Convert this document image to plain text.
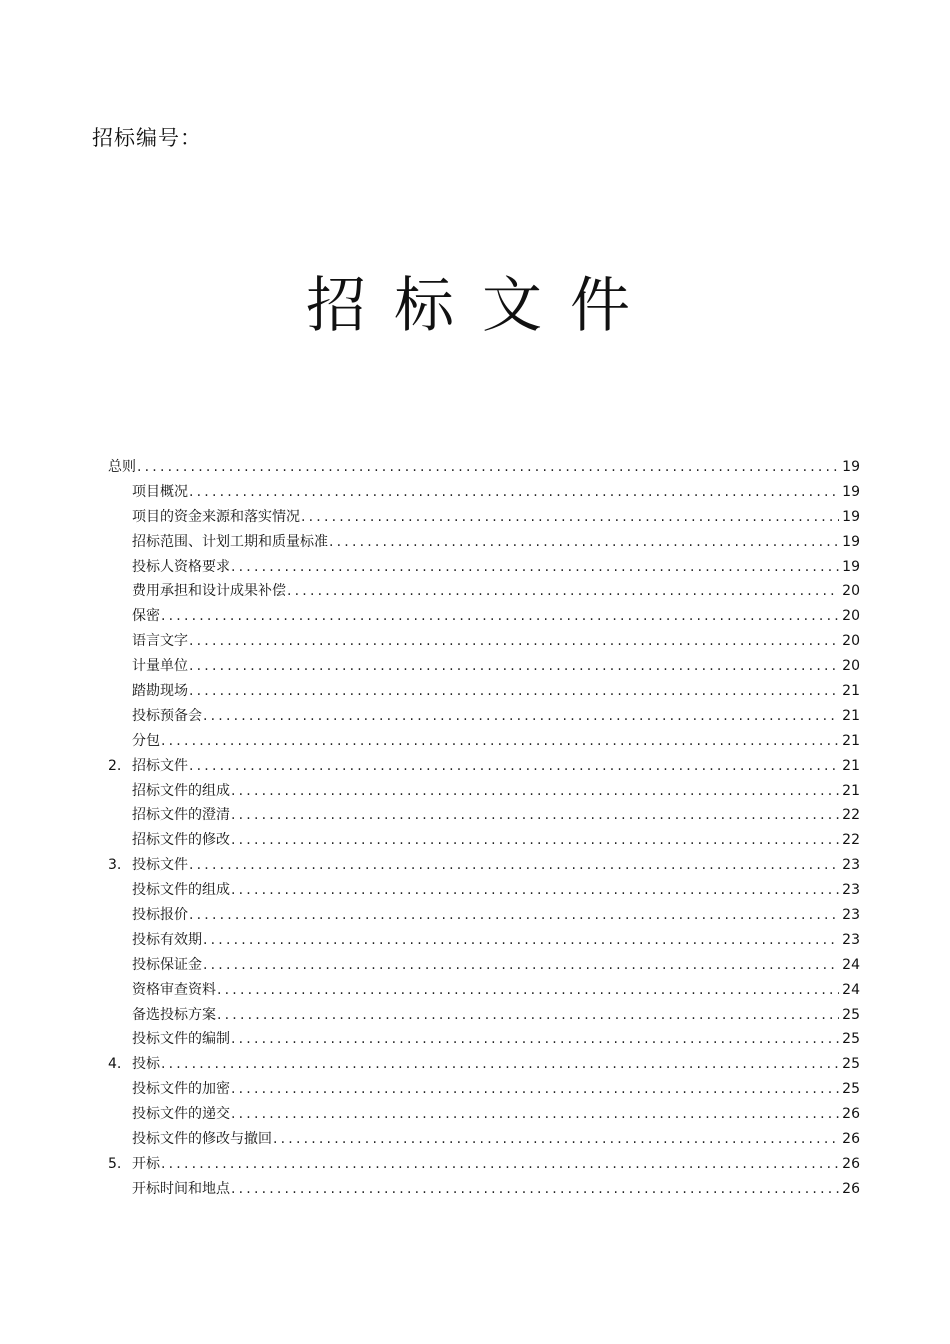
招标编号：
招标文件
总则 .....	19
项目概况 .....	19
项目的资金来源和落实情况 .....	19
招标范围、计划工期和质量标准 .....	19
投标人资格要求 .....	19
费用承担和设计成果补偿 .....	20
保密 .....	20
语言文字 .....	20
计量单位 .....	20
踏勘现场 .....	21
投标预备会 .....	21
分包 .....	21
2. 招标文件 .....	21
招标文件的组成 .....	21
招标文件的澄清 .....	22
招标文件的修改 .....	22
3. 投标文件 .....	23
投标文件的组成 .....	23
投标报价 .....	23
投标有效期 .....	23
投标保证金 .....	24
资格审查资料 .....	24
备选投标方案 .....	25
投标文件的编制 .....	25
4. 投标 .....	25
投标文件的加密 .....	25
投标文件的递交 .....	26
投标文件的修改与撤回 .....	26
5. 开标 .....	26
开标时间和地点 .....	26
